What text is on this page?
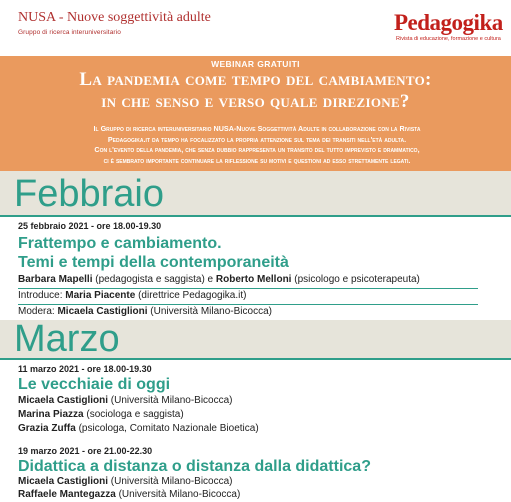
NUSA - Nuove soggettività adulte
Gruppo di ricerca interuniversitario	Pedagogika
Rivista di educazione, formazione e cultura
WEBINAR GRATUITI
La pandemia come tempo del cambiamento:
in che senso e verso quale direzione?
Il Gruppo di ricerca interuniversitario NUSA-Nuove Soggettività Adulte in collaborazione con la Rivista
Pedagogika.it da tempo ha focalizzato la propria attenzione sul tema dei transiti nell'età adulta.
Con l'evento della pandemia, che senza dubbio rappresenta un transito del tutto imprevisto e drammatico,
ci è sembrato importante continuare la riflessione su motivi e questioni ad esso strettamente legati.
Febbraio
25 febbraio 2021 - ore 18.00-19.30
Frattempo e cambiamento.
Temi e tempi della contemporaneità
Barbara Mapelli (pedagogista e saggista) e Roberto Melloni (psicologo e psicoterapeuta)
Introduce: Maria Piacente (direttrice Pedagogika.it)
Modera: Micaela Castiglioni (Università Milano-Bicocca)
Marzo
11 marzo 2021 - ore 18.00-19.30
Le vecchiaie di oggi
Micaela Castiglioni (Università Milano-Bicocca)
Marina Piazza (sociologa e saggista)
Grazia Zuffa (psicologa, Comitato Nazionale Bioetica)
19 marzo 2021 - ore 21.00-22.30
Didattica a distanza o distanza dalla didattica?
Micaela Castiglioni (Università Milano-Bicocca)
Raffaele Mantegazza (Università Milano-Bicocca)
